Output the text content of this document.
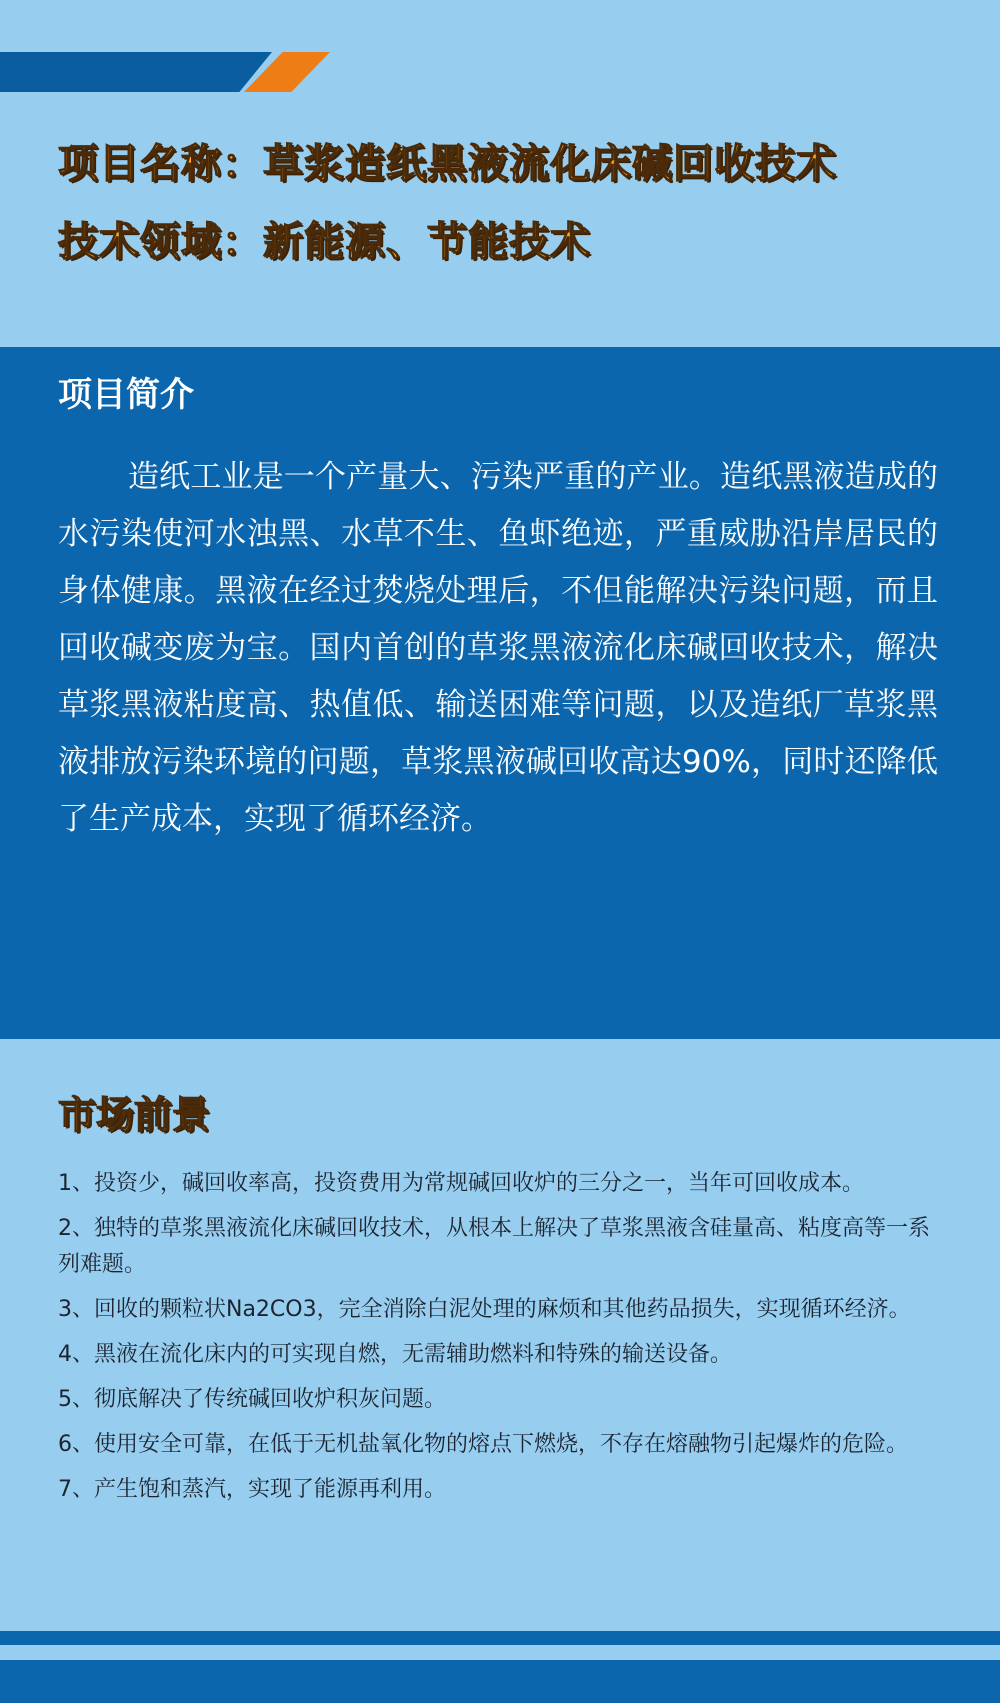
项目名称：草浆造纸黑液流化床碱回收技术
技术领域：新能源、节能技术
项目简介

造纸工业是一个产量大、污染严重的产业。造纸黑液造成的水污染使河水浊黑、水草不生、鱼虾绝迹，严重威胁沿岸居民的身体健康。黑液在经过焚烧处理后，不但能解决污染问题，而且回收碱变废为宝。国内首创的草浆黑液流化床碱回收技术，解决草浆黑液粘度高、热值低、输送困难等问题，以及造纸厂草浆黑液排放污染环境的问题，草浆黑液碱回收高达90%，同时还降低了生产成本，实现了循环经济。

市场前景
1、投资少，碱回收率高，投资费用为常规碱回收炉的三分之一，当年可回收成本。
2、独特的草浆黑液流化床碱回收技术，从根本上解决了草浆黑液含硅量高、粘度高等一系列难题。
3、回收的颗粒状Na2CO3，完全消除白泥处理的麻烦和其他药品损失，实现循环经济。
4、黑液在流化床内的可实现自燃，无需辅助燃料和特殊的输送设备。
5、彻底解决了传统碱回收炉积灰问题。
6、使用安全可靠，在低于无机盐氧化物的熔点下燃烧，不存在熔融物引起爆炸的危险。
7、产生饱和蒸汽，实现了能源再利用。
